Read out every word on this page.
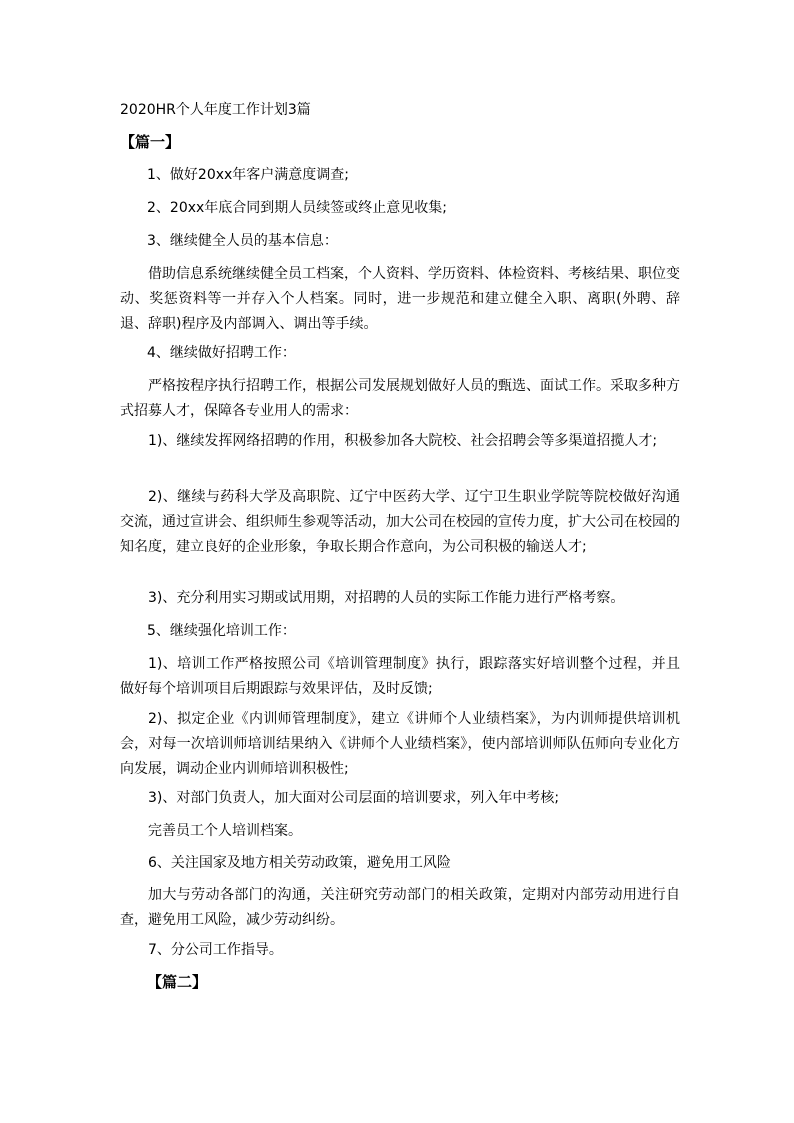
2020HR个人年度工作计划3篇
【篇一】
1、做好20xx年客户满意度调查;
2、20xx年底合同到期人员续签或终止意见收集;
3、继续健全人员的基本信息：

借助信息系统继续健全员工档案，个人资料、学历资料、体检资料、考核结果、职位变动、奖惩资料等一并存入个人档案。同时，进一步规范和建立健全入职、离职(外聘、辞退、辞职)程序及内部调入、调出等手续。

4、继续做好招聘工作：

严格按程序执行招聘工作，根据公司发展规划做好人员的甄选、面试工作。采取多种方式招募人才，保障各专业用人的需求：

1)、继续发挥网络招聘的作用，积极参加各大院校、社会招聘会等多渠道招揽人才;

2)、继续与药科大学及高职院、辽宁中医药大学、辽宁卫生职业学院等院校做好沟通交流，通过宣讲会、组织师生参观等活动，加大公司在校园的宣传力度，扩大公司在校园的知名度，建立良好的企业形象，争取长期合作意向，为公司积极的输送人才;

3)、充分利用实习期或试用期，对招聘的人员的实际工作能力进行严格考察。

5、继续强化培训工作：

1)、培训工作严格按照公司《培训管理制度》执行，跟踪落实好培训整个过程，并且做好每个培训项目后期跟踪与效果评估，及时反馈;

2)、拟定企业《内训师管理制度》，建立《讲师个人业绩档案》，为内训师提供培训机会，对每一次培训师培训结果纳入《讲师个人业绩档案》，使内部培训师队伍师向专业化方向发展，调动企业内训师培训积极性;

3)、对部门负责人，加大面对公司层面的培训要求，列入年中考核;

完善员工个人培训档案。

6、关注国家及地方相关劳动政策，避免用工风险

加大与劳动各部门的沟通，关注研究劳动部门的相关政策，定期对内部劳动用进行自查，避免用工风险，减少劳动纠纷。

7、分公司工作指导。

【篇二】
